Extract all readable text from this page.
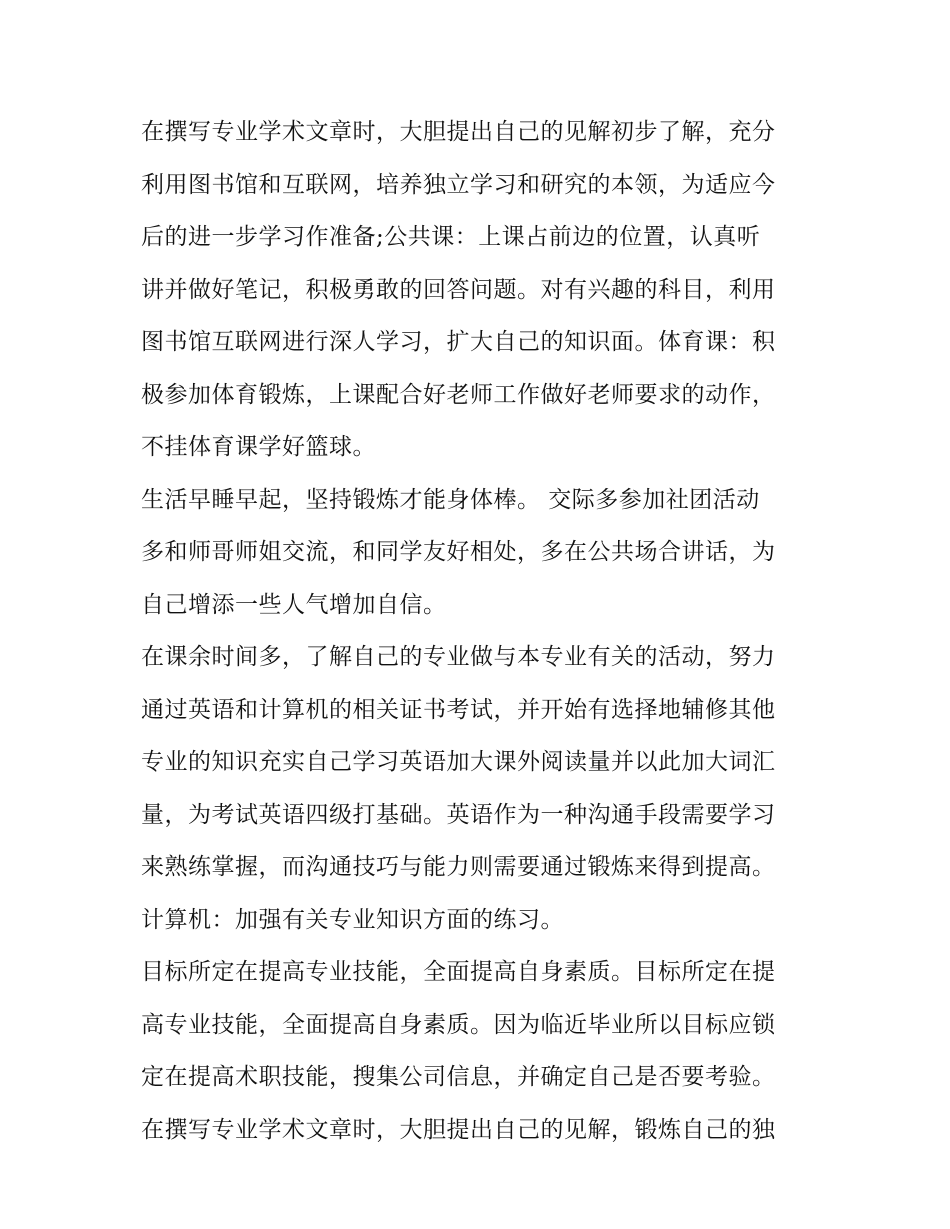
在撰写专业学术文章时，大胆提出自己的见解初步了解，充分
利用图书馆和互联网，培养独立学习和研究的本领，为适应今
后的进一步学习作准备;公共课：上课占前边的位置，认真听
讲并做好笔记，积极勇敢的回答问题。对有兴趣的科目，利用
图书馆互联网进行深人学习，扩大自己的知识面。体育课：积
极参加体育锻炼，上课配合好老师工作做好老师要求的动作，
不挂体育课学好篮球。
生活早睡早起，坚持锻炼才能身体棒。 交际多参加社团活动
多和师哥师姐交流，和同学友好相处，多在公共场合讲话，为
自己增添一些人气增加自信。
在课余时间多，了解自己的专业做与本专业有关的活动，努力
通过英语和计算机的相关证书考试，并开始有选择地辅修其他
专业的知识充实自己学习英语加大课外阅读量并以此加大词汇
量，为考试英语四级打基础。英语作为一种沟通手段需要学习
来熟练掌握，而沟通技巧与能力则需要通过锻炼来得到提高。
计算机：加强有关专业知识方面的练习。
目标所定在提高专业技能，全面提高自身素质。目标所定在提
高专业技能，全面提高自身素质。因为临近毕业所以目标应锁
定在提高术职技能，搜集公司信息，并确定自己是否要考验。
在撰写专业学术文章时，大胆提出自己的见解，锻炼自己的独
